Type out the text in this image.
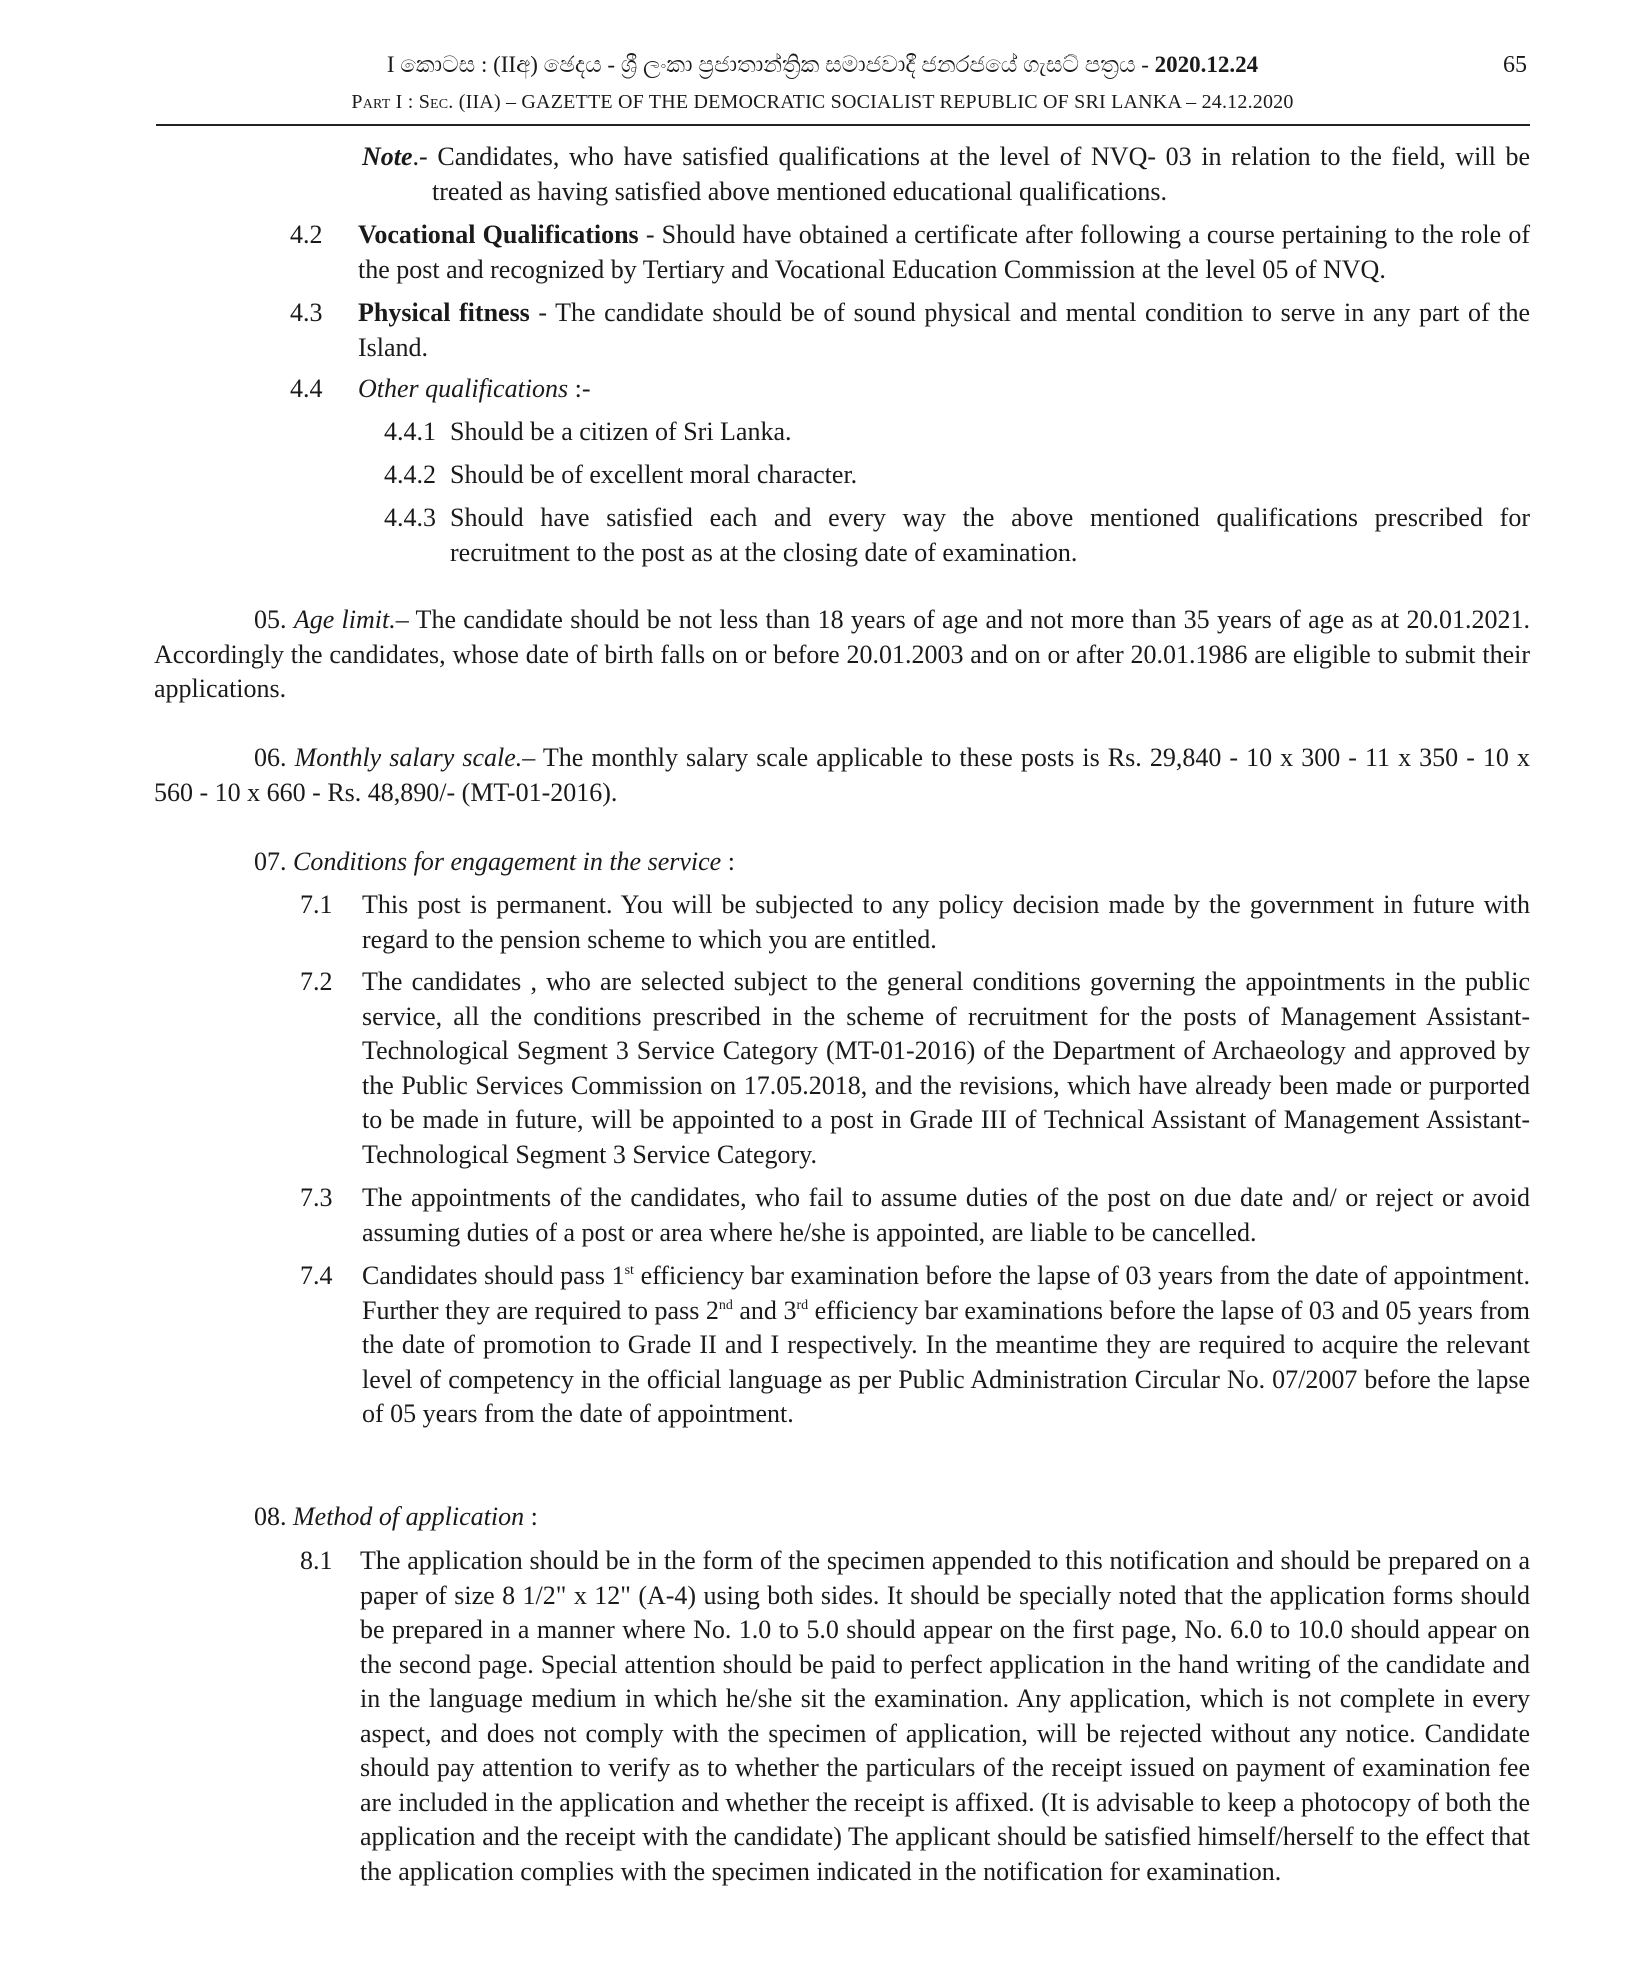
I කොටස : (IIඅ) ඡෙදය - ශ්‍රී ලංකා ප්‍රජාතාන්ත්‍රික සමාජවාදී ජනරජයේ ගැසට් පත්‍රය - 2020.12.24	65
Part I : Sec. (IIA) – GAZETTE OF THE DEMOCRATIC SOCIALIST REPUBLIC OF SRI LANKA – 24.12.2020
Note.- Candidates, who have satisfied qualifications at the level of NVQ- 03 in relation to the field, will be treated as having satisfied above mentioned educational qualifications.
4.2 Vocational Qualifications - Should have obtained a certificate after following a course pertaining to the role of the post and recognized by Tertiary and Vocational Education Commission at the level 05 of NVQ.
4.3 Physical fitness - The candidate should be of sound physical and mental condition to serve in any part of the Island.
4.4 Other qualifications :-
4.4.1 Should be a citizen of Sri Lanka.
4.4.2 Should be of excellent moral character.
4.4.3 Should have satisfied each and every way the above mentioned qualifications prescribed for recruitment to the post as at the closing date of examination.
05. Age limit.– The candidate should be not less than 18 years of age and not more than 35 years of age as at 20.01.2021. Accordingly the candidates, whose date of birth falls on or before 20.01.2003 and on or after 20.01.1986 are eligible to submit their applications.
06. Monthly salary scale.– The monthly salary scale applicable to these posts is Rs. 29,840 - 10 x 300 - 11 x 350 - 10 x 560 - 10 x 660 - Rs. 48,890/- (MT-01-2016).
07. Conditions for engagement in the service :
7.1 This post is permanent. You will be subjected to any policy decision made by the government in future with regard to the pension scheme to which you are entitled.
7.2 The candidates , who are selected subject to the general conditions governing the appointments in the public service, all the conditions prescribed in the scheme of recruitment for the posts of Management Assistant- Technological Segment 3 Service Category (MT-01-2016) of the Department of Archaeology and approved by the Public Services Commission on 17.05.2018, and the revisions, which have already been made or purported to be made in future, will be appointed to a post in Grade III of Technical Assistant of Management Assistant- Technological Segment 3 Service Category.
7.3 The appointments of the candidates, who fail to assume duties of the post on due date and/ or reject or avoid assuming duties of a post or area where he/she is appointed, are liable to be cancelled.
7.4 Candidates should pass 1st efficiency bar examination before the lapse of 03 years from the date of appointment. Further they are required to pass 2nd and 3rd efficiency bar examinations before the lapse of 03 and 05 years from the date of promotion to Grade II and I respectively. In the meantime they are required to acquire the relevant level of competency in the official language as per Public Administration Circular No. 07/2007 before the lapse of 05 years from the date of appointment.
08. Method of application :
8.1 The application should be in the form of the specimen appended to this notification and should be prepared on a paper of size 8 1/2" x 12" (A-4) using both sides. It should be specially noted that the application forms should be prepared in a manner where No. 1.0 to 5.0 should appear on the first page, No. 6.0 to 10.0 should appear on the second page. Special attention should be paid to perfect application in the hand writing of the candidate and in the language medium in which he/she sit the examination. Any application, which is not complete in every aspect, and does not comply with the specimen of application, will be rejected without any notice. Candidate should pay attention to verify as to whether the particulars of the receipt issued on payment of examination fee are included in the application and whether the receipt is affixed. (It is advisable to keep a photocopy of both the application and the receipt with the candidate) The applicant should be satisfied himself/herself to the effect that the application complies with the specimen indicated in the notification for examination.
